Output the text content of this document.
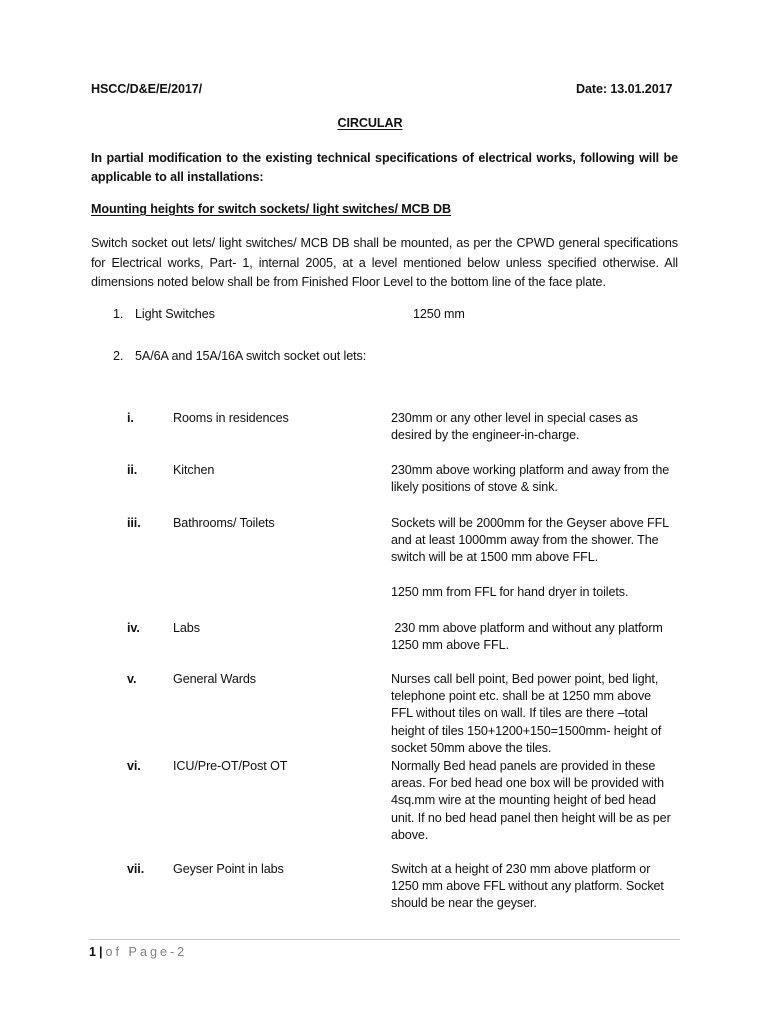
HSCC/D&E/E/2017/	Date: 13.01.2017
CIRCULAR
In partial modification to the existing technical specifications of electrical works, following will be applicable to all installations:
Mounting heights for switch sockets/ light switches/ MCB DB
Switch socket out lets/ light switches/ MCB DB shall be mounted, as per the CPWD general specifications for Electrical works, Part- 1, internal 2005, at a level mentioned below unless specified otherwise. All dimensions noted below shall be from Finished Floor Level to the bottom line of the face plate.
1. Light Switches	1250 mm
2. 5A/6A and 15A/16A switch socket out lets:
i.	Rooms in residences	230mm or any other level in special cases as desired by the engineer-in-charge.
ii.	Kitchen	230mm above working platform and away from the likely positions of stove & sink.
iii.	Bathrooms/ Toilets	Sockets will be 2000mm for the Geyser above FFL and at least 1000mm away from the shower. The switch will be at 1500 mm above FFL.
1250 mm from FFL for hand dryer in toilets.
iv.	Labs	230 mm above platform and without any platform 1250 mm above FFL.
v.	General Wards	Nurses call bell point, Bed power point, bed light, telephone point etc. shall be at 1250 mm above FFL without tiles on wall. If tiles are there –total height of tiles 150+1200+150=1500mm- height of socket 50mm above the tiles.
vi.	ICU/Pre-OT/Post OT	Normally Bed head panels are provided in these areas. For bed head one box will be provided with 4sq.mm wire at the mounting height of bed head unit. If no bed head panel then height will be as per above.
vii. Geyser Point in labs	Switch at a height of 230 mm above platform or 1250 mm above FFL without any platform. Socket should be near the geyser.
1 | of Page-2
